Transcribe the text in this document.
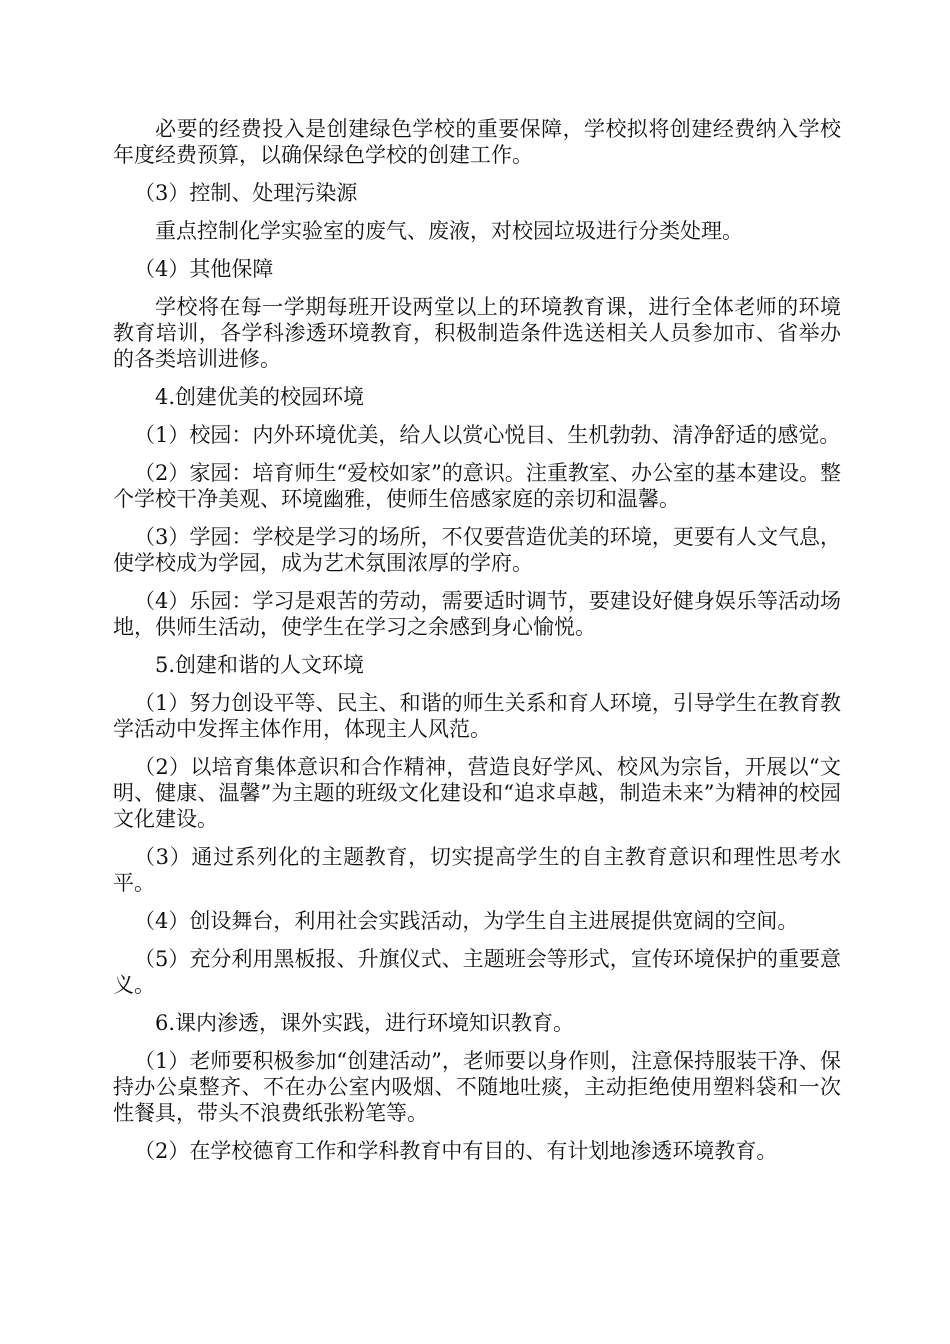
必要的经费投入是创建绿色学校的重要保障，学校拟将创建经费纳入学校年度经费预算，以确保绿色学校的创建工作。

（3）控制、处理污染源

重点控制化学实验室的废气、废液，对校园垃圾进行分类处理。

（4）其他保障

学校将在每一学期每班开设两堂以上的环境教育课，进行全体老师的环境教育培训，各学科渗透环境教育，积极制造条件选送相关人员参加市、省举办的各类培训进修。

4.创建优美的校园环境

（1）校园：内外环境优美，给人以赏心悦目、生机勃勃、清净舒适的感觉。

（2）家园：培育师生“爱校如家”的意识。注重教室、办公室的基本建设。整个学校干净美观、环境幽雅，使师生倍感家庭的亲切和温馨。

（3）学园：学校是学习的场所，不仅要营造优美的环境，更要有人文气息，使学校成为学园，成为艺术氛围浓厚的学府。

（4）乐园：学习是艰苦的劳动，需要适时调节，要建设好健身娱乐等活动场地，供师生活动，使学生在学习之余感到身心愉悦。

5.创建和谐的人文环境

（1）努力创设平等、民主、和谐的师生关系和育人环境，引导学生在教育教学活动中发挥主体作用，体现主人风范。

（2）以培育集体意识和合作精神，营造良好学风、校风为宗旨，开展以“文明、健康、温馨”为主题的班级文化建设和“追求卓越，制造未来”为精神的校园文化建设。

（3）通过系列化的主题教育，切实提高学生的自主教育意识和理性思考水平。

（4）创设舞台，利用社会实践活动，为学生自主进展提供宽阔的空间。

（5）充分利用黑板报、升旗仪式、主题班会等形式，宣传环境保护的重要意义。

6.课内渗透，课外实践，进行环境知识教育。

（1）老师要积极参加“创建活动”，老师要以身作则，注意保持服装干净、保持办公桌整齐、不在办公室内吸烟、不随地吐痰，主动拒绝使用塑料袋和一次性餐具，带头不浪费纸张粉笔等。

（2）在学校德育工作和学科教育中有目的、有计划地渗透环境教育。
